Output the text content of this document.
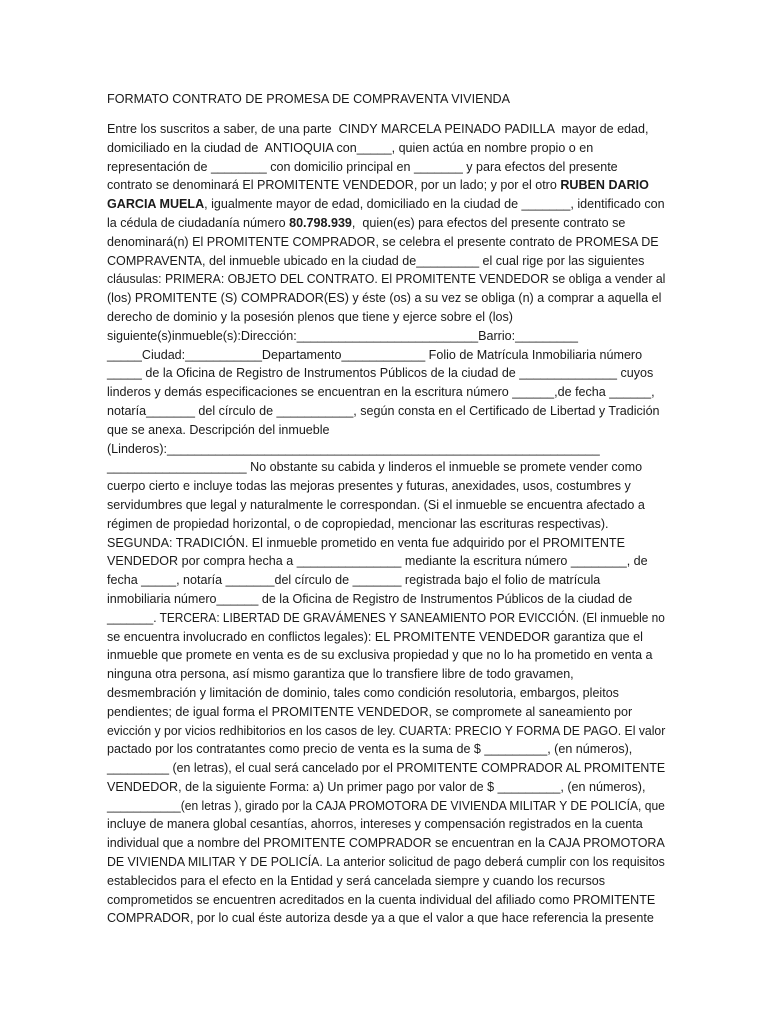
FORMATO CONTRATO DE PROMESA DE COMPRAVENTA VIVIENDA
Entre los suscritos a saber, de una parte  CINDY MARCELA PEINADO PADILLA  mayor de edad,
domiciliado en la ciudad de  ANTIOQUIA con_____, quien actúa en nombre propio o en
representación de ________ con domicilio principal en _______ y para efectos del presente
contrato se denominará El PROMITENTE VENDEDOR, por un lado; y por el otro RUBEN DARIO
GARCIA MUELA, igualmente mayor de edad, domiciliado en la ciudad de _______, identificado con
la cédula de ciudadanía número 80.798.939,  quien(es) para efectos del presente contrato se
denominará(n) El PROMITENTE COMPRADOR, se celebra el presente contrato de PROMESA DE
COMPRAVENTA, del inmueble ubicado en la ciudad de_________ el cual rige por las siguientes
cláusulas: PRIMERA: OBJETO DEL CONTRATO. El PROMITENTE VENDEDOR se obliga a vender al
(los) PROMITENTE (S) COMPRADOR(ES) y éste (os) a su vez se obliga (n) a comprar a aquella el
derecho de dominio y la posesión plenos que tiene y ejerce sobre el (los)
siguiente(s)inmueble(s):Dirección:__________________________Barrio:_________
_____Ciudad:___________Departamento____________ Folio de Matrícula Inmobiliaria número
_____ de la Oficina de Registro de Instrumentos Públicos de la ciudad de ______________ cuyos
linderos y demás especificaciones se encuentran en la escritura número ______,de fecha ______,
notaría_______ del círculo de ___________, según consta en el Certificado de Libertad y Tradición
que se anexa. Descripción del inmueble
(Linderos):______________________________________________________________
____________________ No obstante su cabida y linderos el inmueble se promete vender como
cuerpo cierto e incluye todas las mejoras presentes y futuras, anexidades, usos, costumbres y
servidumbres que legal y naturalmente le correspondan. (Si el inmueble se encuentra afectado a
régimen de propiedad horizontal, o de copropiedad, mencionar las escrituras respectivas).
SEGUNDA: TRADICIÓN. El inmueble prometido en venta fue adquirido por el PROMITENTE
VENDEDOR por compra hecha a _______________ mediante la escritura número ________, de
fecha _____, notaría _______del círculo de _______ registrada bajo el folio de matrícula
inmobiliaria número______ de la Oficina de Registro de Instrumentos Públicos de la ciudad de
_______. TERCERA: LIBERTAD DE GRAVÁMENES Y SANEAMIENTO POR EVICCIÓN. (El inmueble no
se encuentra involucrado en conflictos legales): EL PROMITENTE VENDEDOR garantiza que el
inmueble que promete en venta es de su exclusiva propiedad y que no lo ha prometido en venta a
ninguna otra persona, así mismo garantiza que lo transfiere libre de todo gravamen,
desmembración y limitación de dominio, tales como condición resolutoria, embargos, pleitos
pendientes; de igual forma el PROMITENTE VENDEDOR, se compromete al saneamiento por
evicción y por vicios redhibitorios en los casos de ley. CUARTA: PRECIO Y FORMA DE PAGO. El valor
pactado por los contratantes como precio de venta es la suma de $ _________, (en números),
_________ (en letras), el cual será cancelado por el PROMITENTE COMPRADOR AL PROMITENTE
VENDEDOR, de la siguiente Forma: a) Un primer pago por valor de $ _________, (en números),
___________(en letras ), girado por la CAJA PROMOTORA DE VIVIENDA MILITAR Y DE POLICÍA, que
incluye de manera global cesantías, ahorros, intereses y compensación registrados en la cuenta
individual que a nombre del PROMITENTE COMPRADOR se encuentran en la CAJA PROMOTORA
DE VIVIENDA MILITAR Y DE POLICÍA. La anterior solicitud de pago deberá cumplir con los requisitos
establecidos para el efecto en la Entidad y será cancelada siempre y cuando los recursos
comprometidos se encuentren acreditados en la cuenta individual del afiliado como PROMITENTE
COMPRADOR, por lo cual éste autoriza desde ya a que el valor a que hace referencia la presente
